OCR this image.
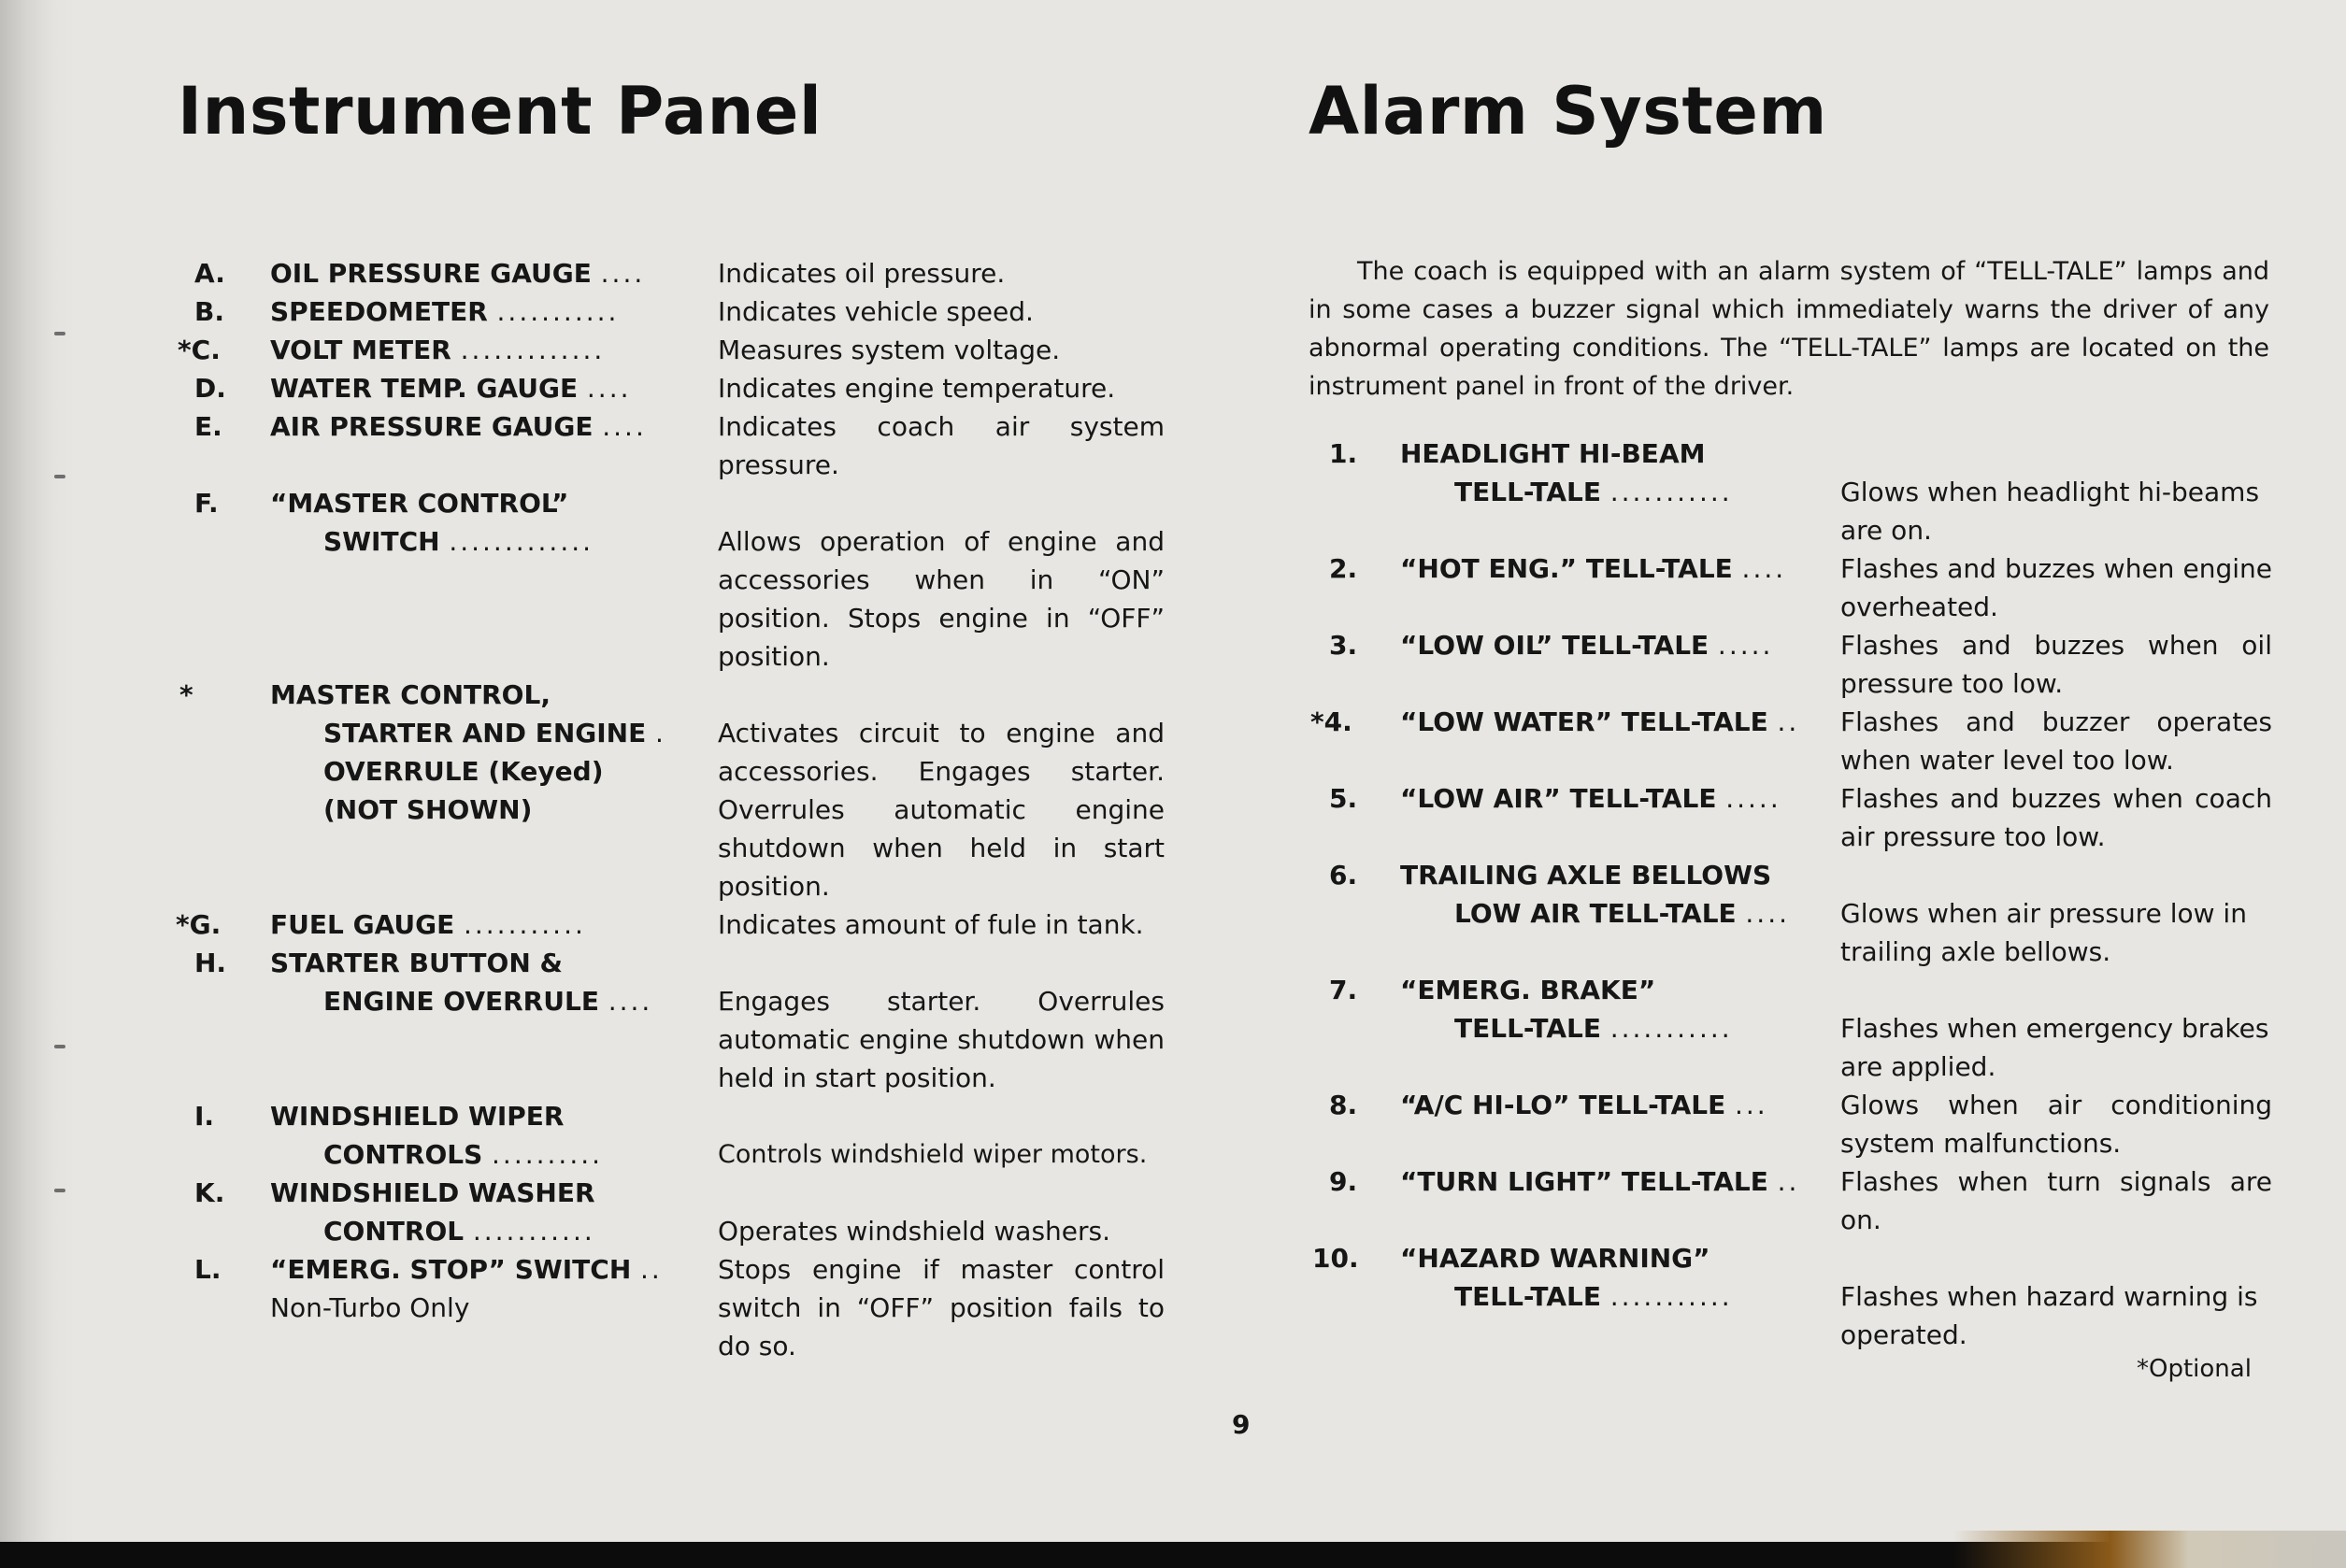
Instrument Panel
A. OIL PRESSURE GAUGE ....	Indicates oil pressure.
B. SPEEDOMETER ...........	Indicates vehicle speed.
*C. VOLT METER .............	Measures system voltage.
D. WATER TEMP. GAUGE ....	Indicates engine temperature.
E. AIR PRESSURE GAUGE ....	Indicates coach air system pressure.
F. “MASTER CONTROL”
SWITCH .............	Allows operation of engine and accessories when in “ON” position. Stops engine in “OFF” position.
*	MASTER CONTROL,
STARTER AND ENGINE .
OVERRULE (Keyed)
(NOT SHOWN)
Activates circuit to engine and accessories. Engages starter. Overrules automatic engine shutdown when held in start position.
*G. FUEL GAUGE ...........	Indicates amount of fule in tank.
H. STARTER BUTTON &
ENGINE OVERRULE .... Engages starter. Overrules automatic engine shutdown when held in start position.
I. WINDSHIELD WIPER
CONTROLS ..........	Controls windshield wiper motors.
K. WINDSHIELD WASHER
CONTROL ...........	Operates windshield washers.
L. “EMERG. STOP” SWITCH ..
Non-Turbo Only
Stops engine if master control switch in “OFF” position fails to do so.
9
Alarm System
The coach is equipped with an alarm system of “TELL-TALE” lamps and in some cases a buzzer signal which immediately warns the driver of any abnormal operating conditions. The “TELL-TALE” lamps are located on the instrument panel in front of the driver.
1. HEADLIGHT HI-BEAM
TELL-TALE ...........	Glows when headlight hi-beams are on.
2. “HOT ENG.” TELL-TALE .... Flashes and buzzes when engine overheated.
3. “LOW OIL” TELL-TALE .....	Flashes and buzzes when oil pressure too low.
*4. “LOW WATER” TELL-TALE .. Flashes and buzzer operates when water level too low.
5. “LOW AIR” TELL-TALE ..... Flashes and buzzes when coach air pressure too low.
6. TRAILING AXLE BELLOWS
LOW AIR TELL-TALE .... Glows when air pressure low in trailing axle bellows.
7. “EMERG. BRAKE”
TELL-TALE ...........	Flashes when emergency brakes are applied.
8. “A/C HI-LO” TELL-TALE ...	Glows when air conditioning system malfunctions.
9. “TURN LIGHT” TELL-TALE .. Flashes when turn signals are on.
10. “HAZARD WARNING”
TELL-TALE ...........	Flashes when hazard warning is operated.
*Optional
